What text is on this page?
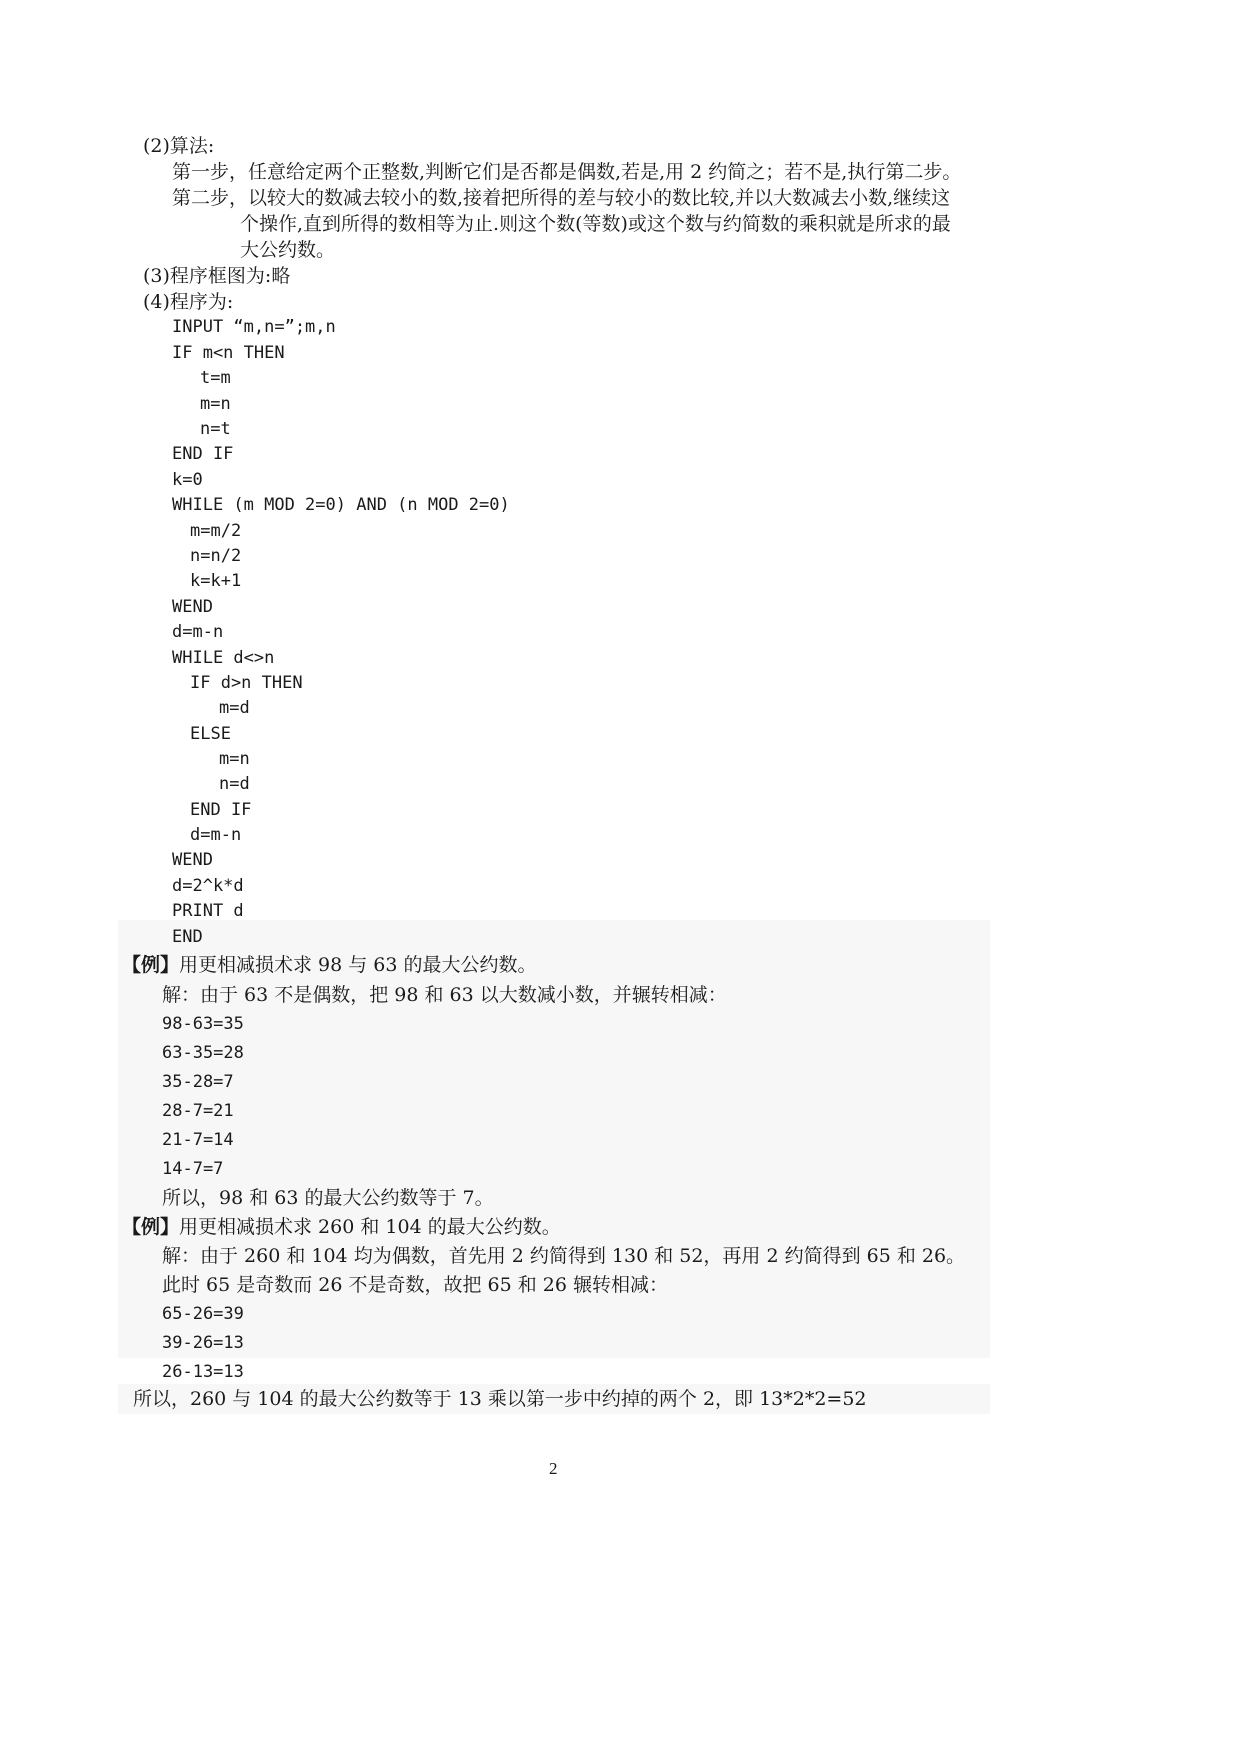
(2)算法:
第一步，任意给定两个正整数,判断它们是否都是偶数,若是,用 2 约简之；若不是,执行第二步。
第二步，以较大的数减去较小的数,接着把所得的差与较小的数比较,并以大数减去小数,继续这
个操作,直到所得的数相等为止.则这个数(等数)或这个数与约简数的乘积就是所求的最
大公约数。
(3)程序框图为:略
(4)程序为:
INPUT “m,n=”;m,n
IF m<n THEN
t=m
m=n
n=t
END IF
k=0
WHILE (m MOD 2=0) AND (n MOD 2=0)
m=m/2
n=n/2
k=k+1
WEND
d=m-n
WHILE d<>n
IF d>n THEN
m=d
ELSE
m=n
n=d
END IF
d=m-n
WEND
d=2^k*d
PRINT d
END
【例】用更相减损术求 98 与 63 的最大公约数。
解：由于 63 不是偶数，把 98 和 63 以大数减小数，并辗转相减：
98-63=35
63-35=28
35-28=7
28-7=21
21-7=14
14-7=7
所以，98 和 63 的最大公约数等于 7。
【例】用更相减损术求 260 和 104 的最大公约数。
解：由于 260 和 104 均为偶数，首先用 2 约简得到 130 和 52，再用 2 约简得到 65 和 26。
此时 65 是奇数而 26 不是奇数，故把 65 和 26 辗转相减：
65-26=39
39-26=13
26-13=13
所以，260 与 104 的最大公约数等于 13 乘以第一步中约掉的两个 2，即 13*2*2=52
2
